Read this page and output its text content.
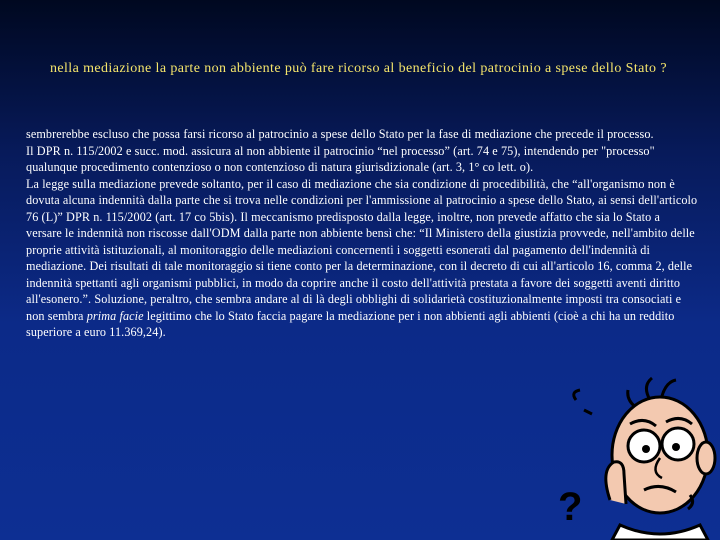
nella mediazione la parte non abbiente può fare ricorso al beneficio del patrocinio a spese dello Stato ?

sembrerebbe escluso che possa farsi ricorso al patrocinio a spese dello Stato per la fase di mediazione che precede il processo.

Il DPR n. 115/2002 e succ. mod. assicura al non abbiente il patrocinio “nel processo” (art. 74 e 75), intendendo per "processo" qualunque procedimento contenzioso o non contenzioso di natura giurisdizionale (art. 3, 1° co lett. o).

La legge sulla mediazione prevede soltanto, per il caso di mediazione che sia condizione di procedibilità, che “all'organismo non è dovuta alcuna indennità dalla parte che si trova nelle condizioni per l'ammissione al patrocinio a spese dello Stato, ai sensi dell'articolo 76 (L)” DPR n. 115/2002 (art. 17 co 5bis). Il meccanismo predisposto dalla legge, inoltre, non prevede affatto che sia lo Stato a versare le indennità non riscosse dall'ODM dalla parte non abbiente bensì che: “Il Ministero della giustizia provvede, nell'ambito delle proprie attività istituzionali, al monitoraggio delle mediazioni concernenti i soggetti esonerati dal pagamento dell'indennità di mediazione. Dei risultati di tale monitoraggio si tiene conto per la determinazione, con il decreto di cui all'articolo 16, comma 2, delle indennità spettanti agli organismi pubblici, in modo da coprire anche il costo dell'attività prestata a favore dei soggetti aventi diritto all'esonero.”. Soluzione, peraltro, che sembra andare al di là degli obblighi di solidarietà costituzionalmente imposti tra consociati e non sembra prima facie legittimo che lo Stato faccia pagare la mediazione per i non abbienti agli abbienti (cioè a chi ha un reddito superiore a euro 11.369,24).

?
